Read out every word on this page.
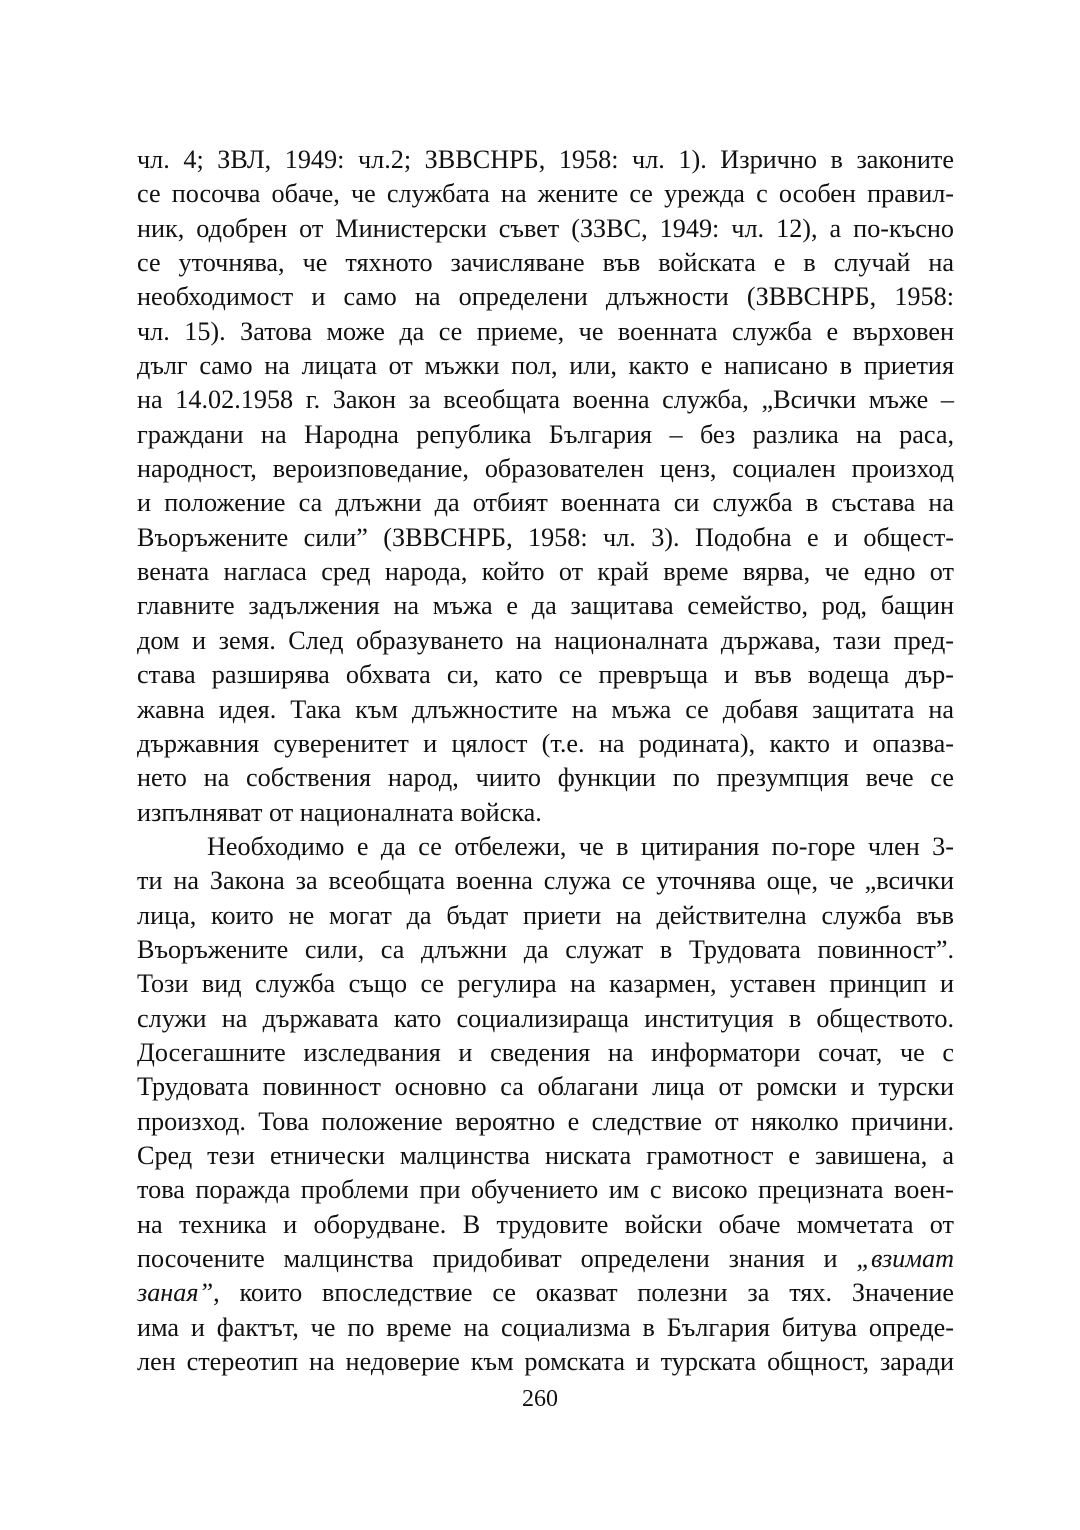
чл. 4; ЗВЛ, 1949: чл.2; ЗВВСНРБ, 1958: чл. 1). Изрично в законите
се посочва обаче, че службата на жените се урежда с особен правил-
ник, одобрен от Министерски съвет (ЗЗВС, 1949: чл. 12), а по-късно
се уточнява, че тяхното зачисляване във войската е в случай на
необходимост и само на определени длъжности (ЗВВСНРБ, 1958:
чл. 15). Затова може да се приеме, че военната служба е върховен
дълг само на лицата от мъжки пол, или, както е написано в приетия
на 14.02.1958 г. Закон за всеобщата военна служба, „Всички мъже –
граждани на Народна република България – без разлика на раса,
народност, вероизповедание, образователен ценз, социален произход
и положение са длъжни да отбият военната си служба в състава на
Въоръжените сили” (ЗВВСНРБ, 1958: чл. 3). Подобна е и общест-
вената нагласа сред народа, който от край време вярва, че едно от
главните задължения на мъжа е да защитава семейство, род, бащин
дом и земя. След образуването на националната държава, тази пред-
става разширява обхвата си, като се превръща и във водеща дър-
жавна идея. Така към длъжностите на мъжа се добавя защитата на
държавния суверенитет и цялост (т.е. на родината), както и опазва-
нето на собствения народ, чиито функции по презумпция вече се
изпълняват от националната войска.
Необходимо е да се отбележи, че в цитирания по-горе член 3-
ти на Закона за всеобщата военна служа се уточнява още, че „всички
лица, които не могат да бъдат приети на действителна служба във
Въоръжените сили, са длъжни да служат в Трудовата повинност”.
Този вид служба също се регулира на казармен, уставен принцип и
служи на държавата като социализираща институция в обществото.
Досегашните изследвания и сведения на информатори сочат, че с
Трудовата повинност основно са облагани лица от ромски и турски
произход. Това положение вероятно е следствие от няколко причини.
Сред тези етнически малцинства ниската грамотност е завишена, а
това поражда проблеми при обучението им с високо прецизната воен-
на техника и оборудване. В трудовите войски обаче момчетата от
посочените малцинства придобиват определени знания и „взимат
заная”, които впоследствие се оказват полезни за тях. Значение
има и фактът, че по време на социализма в България битува опреде-
лен стереотип на недоверие към ромската и турската общност, заради
260
